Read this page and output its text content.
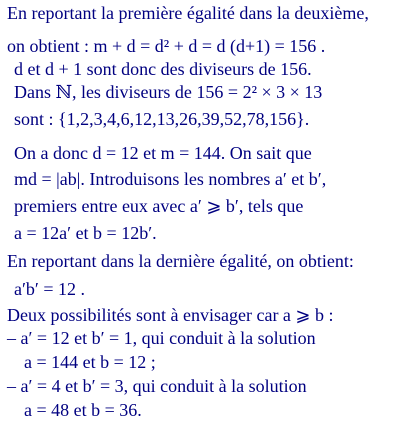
En reportant la première égalité dans la deuxième,
on obtient : m + d = d² + d = d (d+1) = 156 .
d et d + 1 sont donc des diviseurs de 156.
Dans ℕ, les diviseurs de 156 = 2² × 3 × 13
sont : {1,2,3,4,6,12,13,26,39,52,78,156}.
On a donc d = 12 et m = 144. On sait que
md = |ab|. Introduisons les nombres a′ et b′,
premiers entre eux avec a′ ⩾ b′, tels que
a = 12a′ et b = 12b′.
En reportant dans la dernière égalité, on obtient:
a′b′ = 12 .
Deux possibilités sont à envisager car a ⩾ b :
– a′ = 12 et b′ = 1, qui conduit à la solution
a = 144 et b = 12 ;
– a′ = 4 et b′ = 3, qui conduit à la solution
a = 48 et b = 36.
